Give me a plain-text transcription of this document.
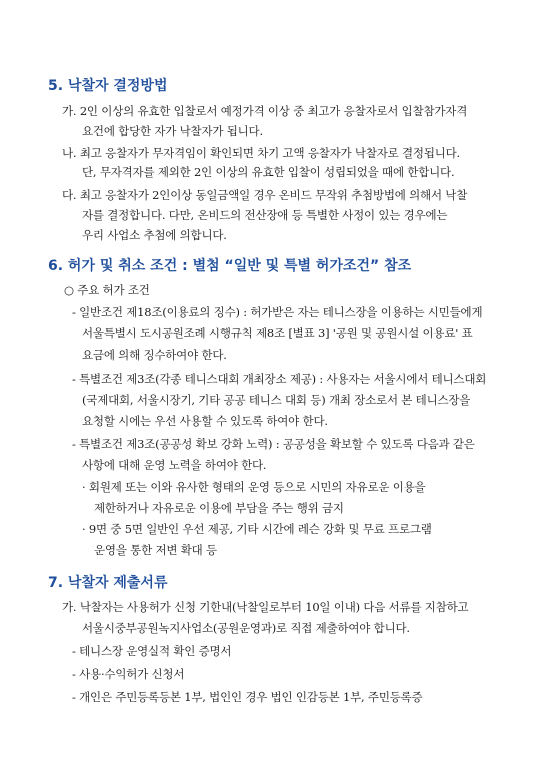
5. 낙찰자 결정방법
가. 2인 이상의 유효한 입찰로서 예정가격 이상 중 최고가 응찰자로서 입찰참가자격
요건에 합당한 자가 낙찰자가 됩니다.
나. 최고 응찰자가 무자격임이 확인되면 차기 고액 응찰자가 낙찰자로 결정됩니다.
단, 무자격자를 제외한 2인 이상의 유효한 입찰이 성립되었을 때에 한합니다.
다. 최고 응찰자가 2인이상 동일금액일 경우 온비드 무작위 추첨방법에 의해서 낙찰
자를 결정합니다. 다만, 온비드의 전산장애 등 특별한 사정이 있는 경우에는
우리 사업소 추첨에 의합니다.
6. 허가 및 취소 조건 : 별첨 “일반 및 특별 허가조건” 참조
○ 주요 허가 조건
- 일반조건 제18조(이용료의 징수) : 허가받은 자는 테니스장을 이용하는 시민들에게
서울특별시 도시공원조례 시행규칙 제8조 [별표 3] '공원 및 공원시설 이용료' 표
요금에 의해 징수하여야 한다.
- 특별조건 제3조(각종 테니스대회 개최장소 제공) : 사용자는 서울시에서 테니스대회
(국제대회, 서울시장기, 기타 공공 테니스 대회 등) 개최 장소로서 본 테니스장을
요청할 시에는 우선 사용할 수 있도록 하여야 한다.
- 특별조건 제3조(공공성 확보 강화 노력) : 공공성을 확보할 수 있도록 다음과 같은
사항에 대해 운영 노력을 하여야 한다.
· 회원제 또는 이와 유사한 형태의 운영 등으로 시민의 자유로운 이용을
제한하거나 자유로운 이용에 부담을 주는 행위 금지
· 9면 중 5면 일반인 우선 제공, 기타 시간에 레슨 강화 및 무료 프로그램
운영을 통한 저변 확대 등
7. 낙찰자 제출서류
가. 낙찰자는 사용허가 신청 기한내(낙찰일로부터 10일 이내) 다음 서류를 지참하고
서울시중부공원녹지사업소(공원운영과)로 직접 제출하여야 합니다.
- 테니스장 운영실적 확인 증명서
- 사용·수익허가 신청서
- 개인은 주민등록등본 1부, 법인인 경우 법인 인감등본 1부, 주민등록증
